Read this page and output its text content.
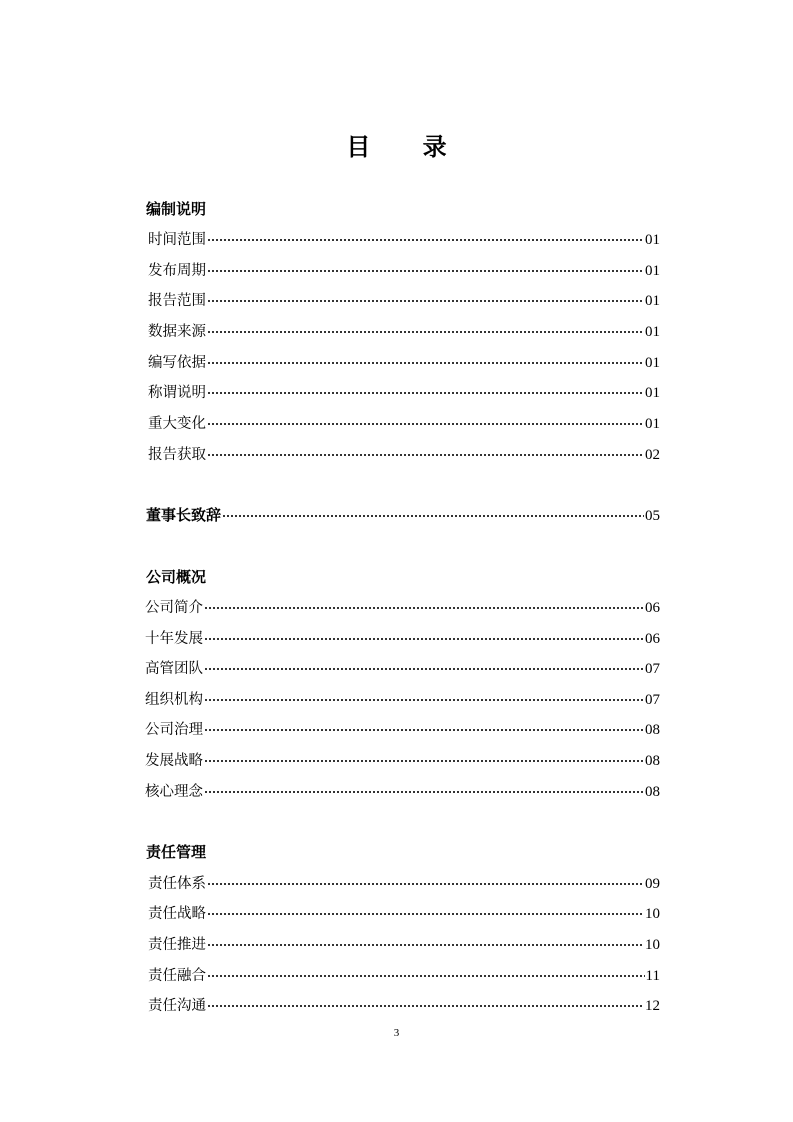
目 录
编制说明
时间范围	01
发布周期	01
报告范围	01
数据来源	01
编写依据	01
称谓说明	01
重大变化	01
报告获取	02
董事长致辞	05
公司概况
公司简介	06
十年发展	06
高管团队	07
组织机构	07
公司治理	08
发展战略	08
核心理念	08
责任管理
责任体系	09
责任战略	10
责任推进	10
责任融合	11
责任沟通	12
3
